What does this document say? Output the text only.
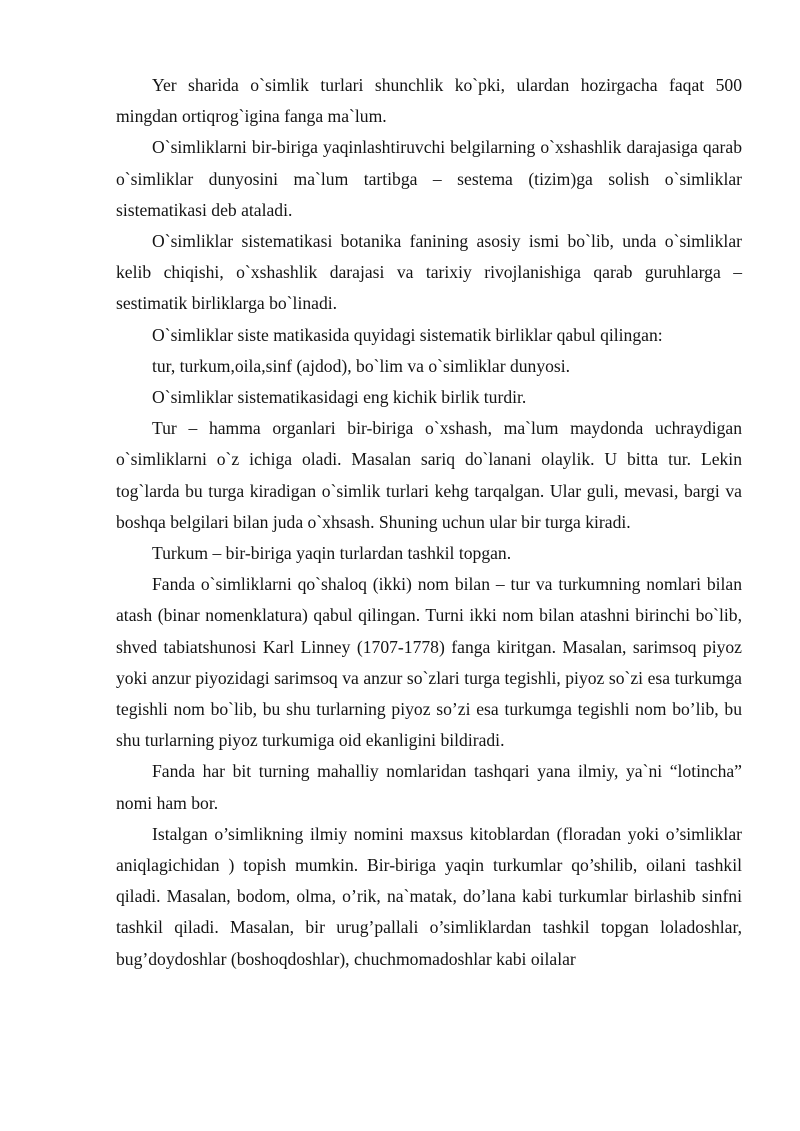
Yer sharida o`simlik turlari shunchlik ko`pki, ulardan hozirgacha faqat 500 mingdan ortiqrog`igina fanga ma`lum.

O`simliklarni bir-biriga yaqinlashtiruvchi belgilarning o`xshashlik darajasiga qarab o`simliklar dunyosini ma`lum tartibga – sestema (tizim)ga solish o`simliklar sistematikasi deb ataladi.

O`simliklar sistematikasi botanika fanining asosiy ismi bo`lib, unda o`simliklar kelib chiqishi, o`xshashlik darajasi va tarixiy rivojlanishiga qarab guruhlarga – sestimatik birliklarga bo`linadi.

O`simliklar siste matikasida quyidagi sistematik birliklar qabul qilingan:

tur, turkum,oila,sinf (ajdod), bo`lim va o`simliklar dunyosi.

O`simliklar sistematikasidagi eng kichik birlik turdir.

Tur – hamma organlari bir-biriga o`xshash, ma`lum maydonda uchraydigan o`simliklarni o`z ichiga oladi. Masalan sariq do`lanani olaylik. U bitta tur. Lekin tog`larda bu turga kiradigan o`simlik turlari kehg tarqalgan. Ular guli, mevasi, bargi va boshqa belgilari bilan juda o`xhsash. Shuning uchun ular bir turga kiradi.

Turkum – bir-biriga yaqin turlardan tashkil topgan.

Fanda o`simliklarni qo`shaloq (ikki) nom bilan – tur va turkumning nomlari bilan atash (binar nomenklatura) qabul qilingan. Turni ikki nom bilan atashni birinchi bo`lib, shved tabiatshunosi Karl Linney (1707-1778) fanga kiritgan. Masalan, sarimsoq piyoz yoki anzur piyozidagi sarimsoq va anzur so`zlari turga tegishli, piyoz so`zi esa turkumga tegishli nom bo`lib, bu shu turlarning piyoz so’zi esa turkumga tegishli nom bo’lib, bu shu turlarning piyoz turkumiga oid ekanligini bildiradi.

Fanda har bit turning mahalliy nomlaridan tashqari yana ilmiy, ya`ni “lotincha” nomi ham bor.

Istalgan o’simlikning ilmiy nomini maxsus kitoblardan (floradan yoki o’simliklar aniqlagichidan ) topish mumkin. Bir-biriga yaqin turkumlar qo’shilib, oilani tashkil qiladi. Masalan, bodom, olma, o’rik, na`matak, do’lana kabi turkumlar birlashib sinfni tashkil qiladi. Masalan, bir urug’pallali o’simliklardan tashkil topgan loladoshlar, bug’doydoshlar (boshoqdoshlar), chuchmomadoshlar kabi oilalar
